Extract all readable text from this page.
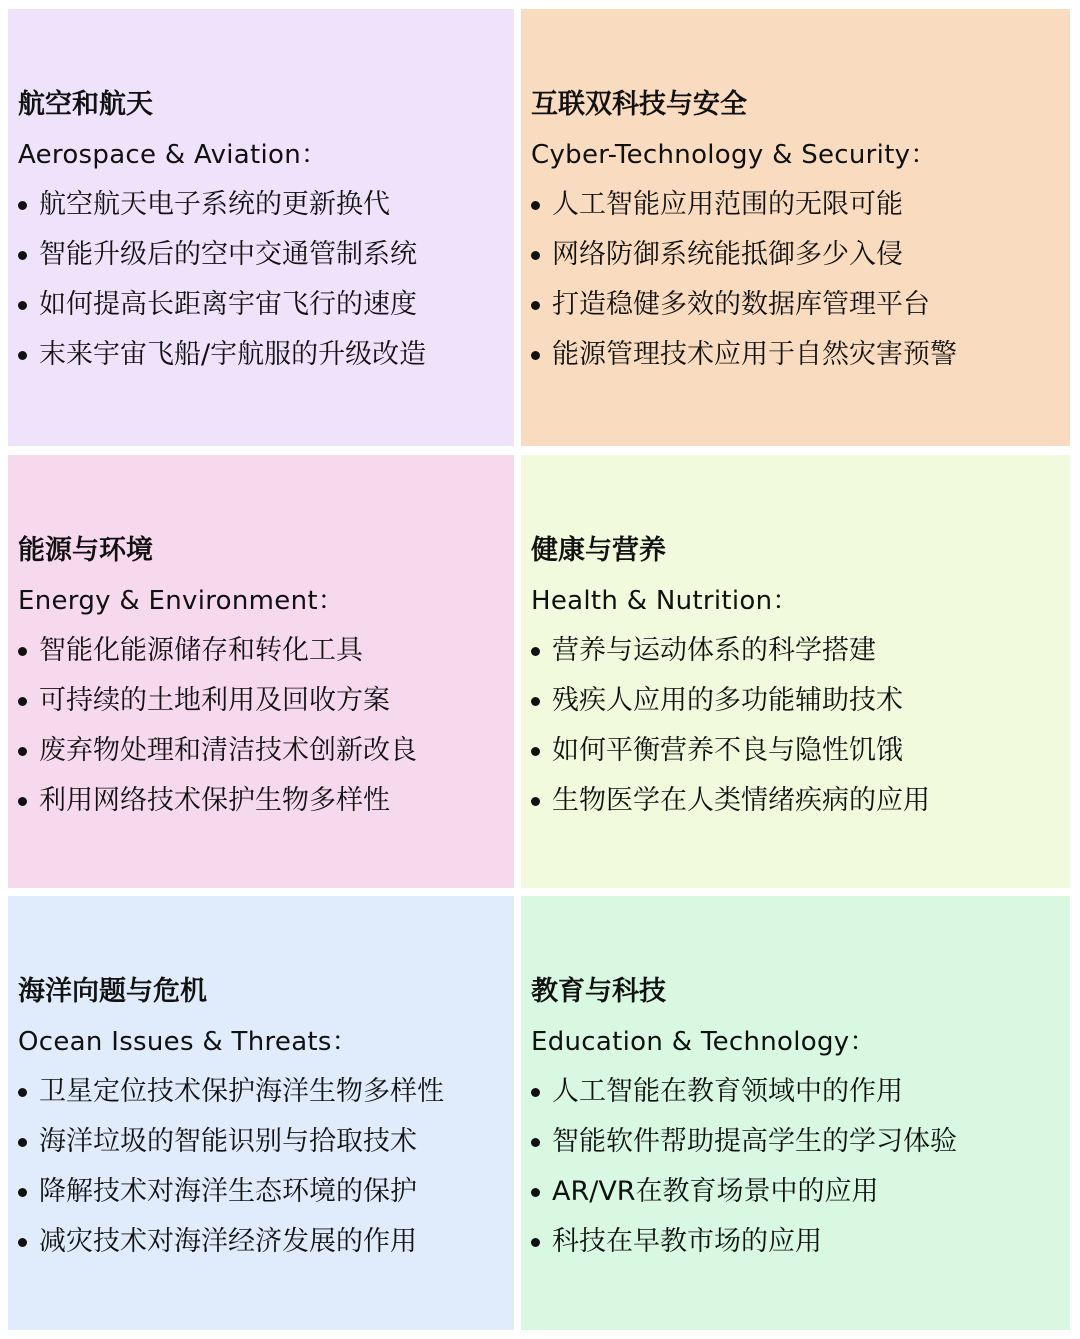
航空和航天
Aerospace & Aviation：
航空航天电子系统的更新换代
智能升级后的空中交通管制系统
如何提高长距离宇宙飞行的速度
末来宇宙飞船/宇航服的升级改造
互联双科技与安全
Cyber-Technology & Security：
人工智能应用范围的无限可能
网络防御系统能抵御多少入侵
打造稳健多效的数据库管理平台
能源管理技术应用于自然灾害预警
能源与环境
Energy & Environment：
智能化能源储存和转化工具
可持续的土地利用及回收方案
废弃物处理和清洁技术创新改良
利用网络技术保护生物多样性
健康与营养
Health & Nutrition：
营养与运动体系的科学搭建
残疾人应用的多功能辅助技术
如何平衡营养不良与隐性饥饿
生物医学在人类情绪疾病的应用
海洋向题与危机
Ocean Issues & Threats：
卫星定位技术保护海洋生物多样性
海洋垃圾的智能识别与拾取技术
降解技术对海洋生态环境的保护
减灾技术对海洋经济发展的作用
教育与科技
Education & Technology：
人工智能在教育领域中的作用
智能软件帮助提高学生的学习体验
AR/VR在教育场景中的应用
科技在早教市场的应用
